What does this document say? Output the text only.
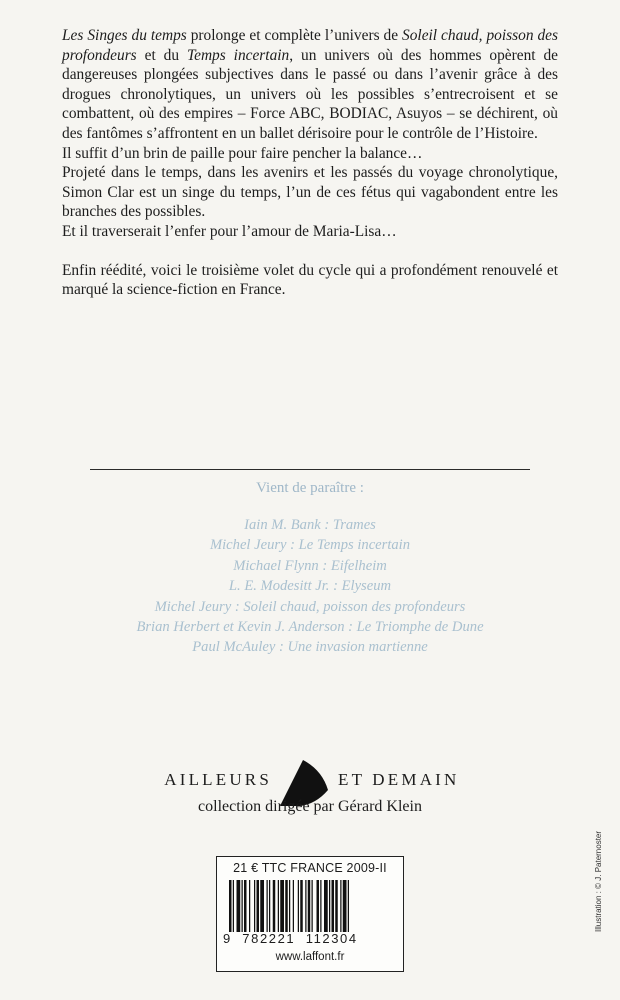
Les Singes du temps prolonge et complète l’univers de Soleil chaud, poisson des profondeurs et du Temps incertain, un univers où des hommes opèrent de dangereuses plongées subjectives dans le passé ou dans l’avenir grâce à des drogues chronolytiques, un univers où les possibles s’entrecroisent et se combattent, où des empires – Force ABC, BODIAC, Asuyos – se déchirent, où des fantômes s’affrontent en un ballet dérisoire pour le contrôle de l’Histoire.

Il suffit d’un brin de paille pour faire pencher la balance…

Projeté dans le temps, dans les avenirs et les passés du voyage chronolytique, Simon Clar est un singe du temps, l’un de ces fétus qui vagabondent entre les branches des possibles.

Et il traverserait l’enfer pour l’amour de Maria-Lisa…

Enfin réédité, voici le troisième volet du cycle qui a profondément renouvelé et marqué la science-fiction en France.

Vient de paraître :
Iain M. Bank : Trames
Michel Jeury : Le Temps incertain
Michael Flynn : Eifelheim
L. E. Modesitt Jr. : Elyseum
Michel Jeury : Soleil chaud, poisson des profondeurs
Brian Herbert et Kevin J. Anderson : Le Triomphe de Dune
Paul McAuley : Une invasion martienne
AILLEURS	ET DEMAIN
collection dirigée par Gérard Klein
21 € TTC FRANCE 2009-II
9 782221 112304
www.laffont.fr
Illustration : © J. Paternoster
